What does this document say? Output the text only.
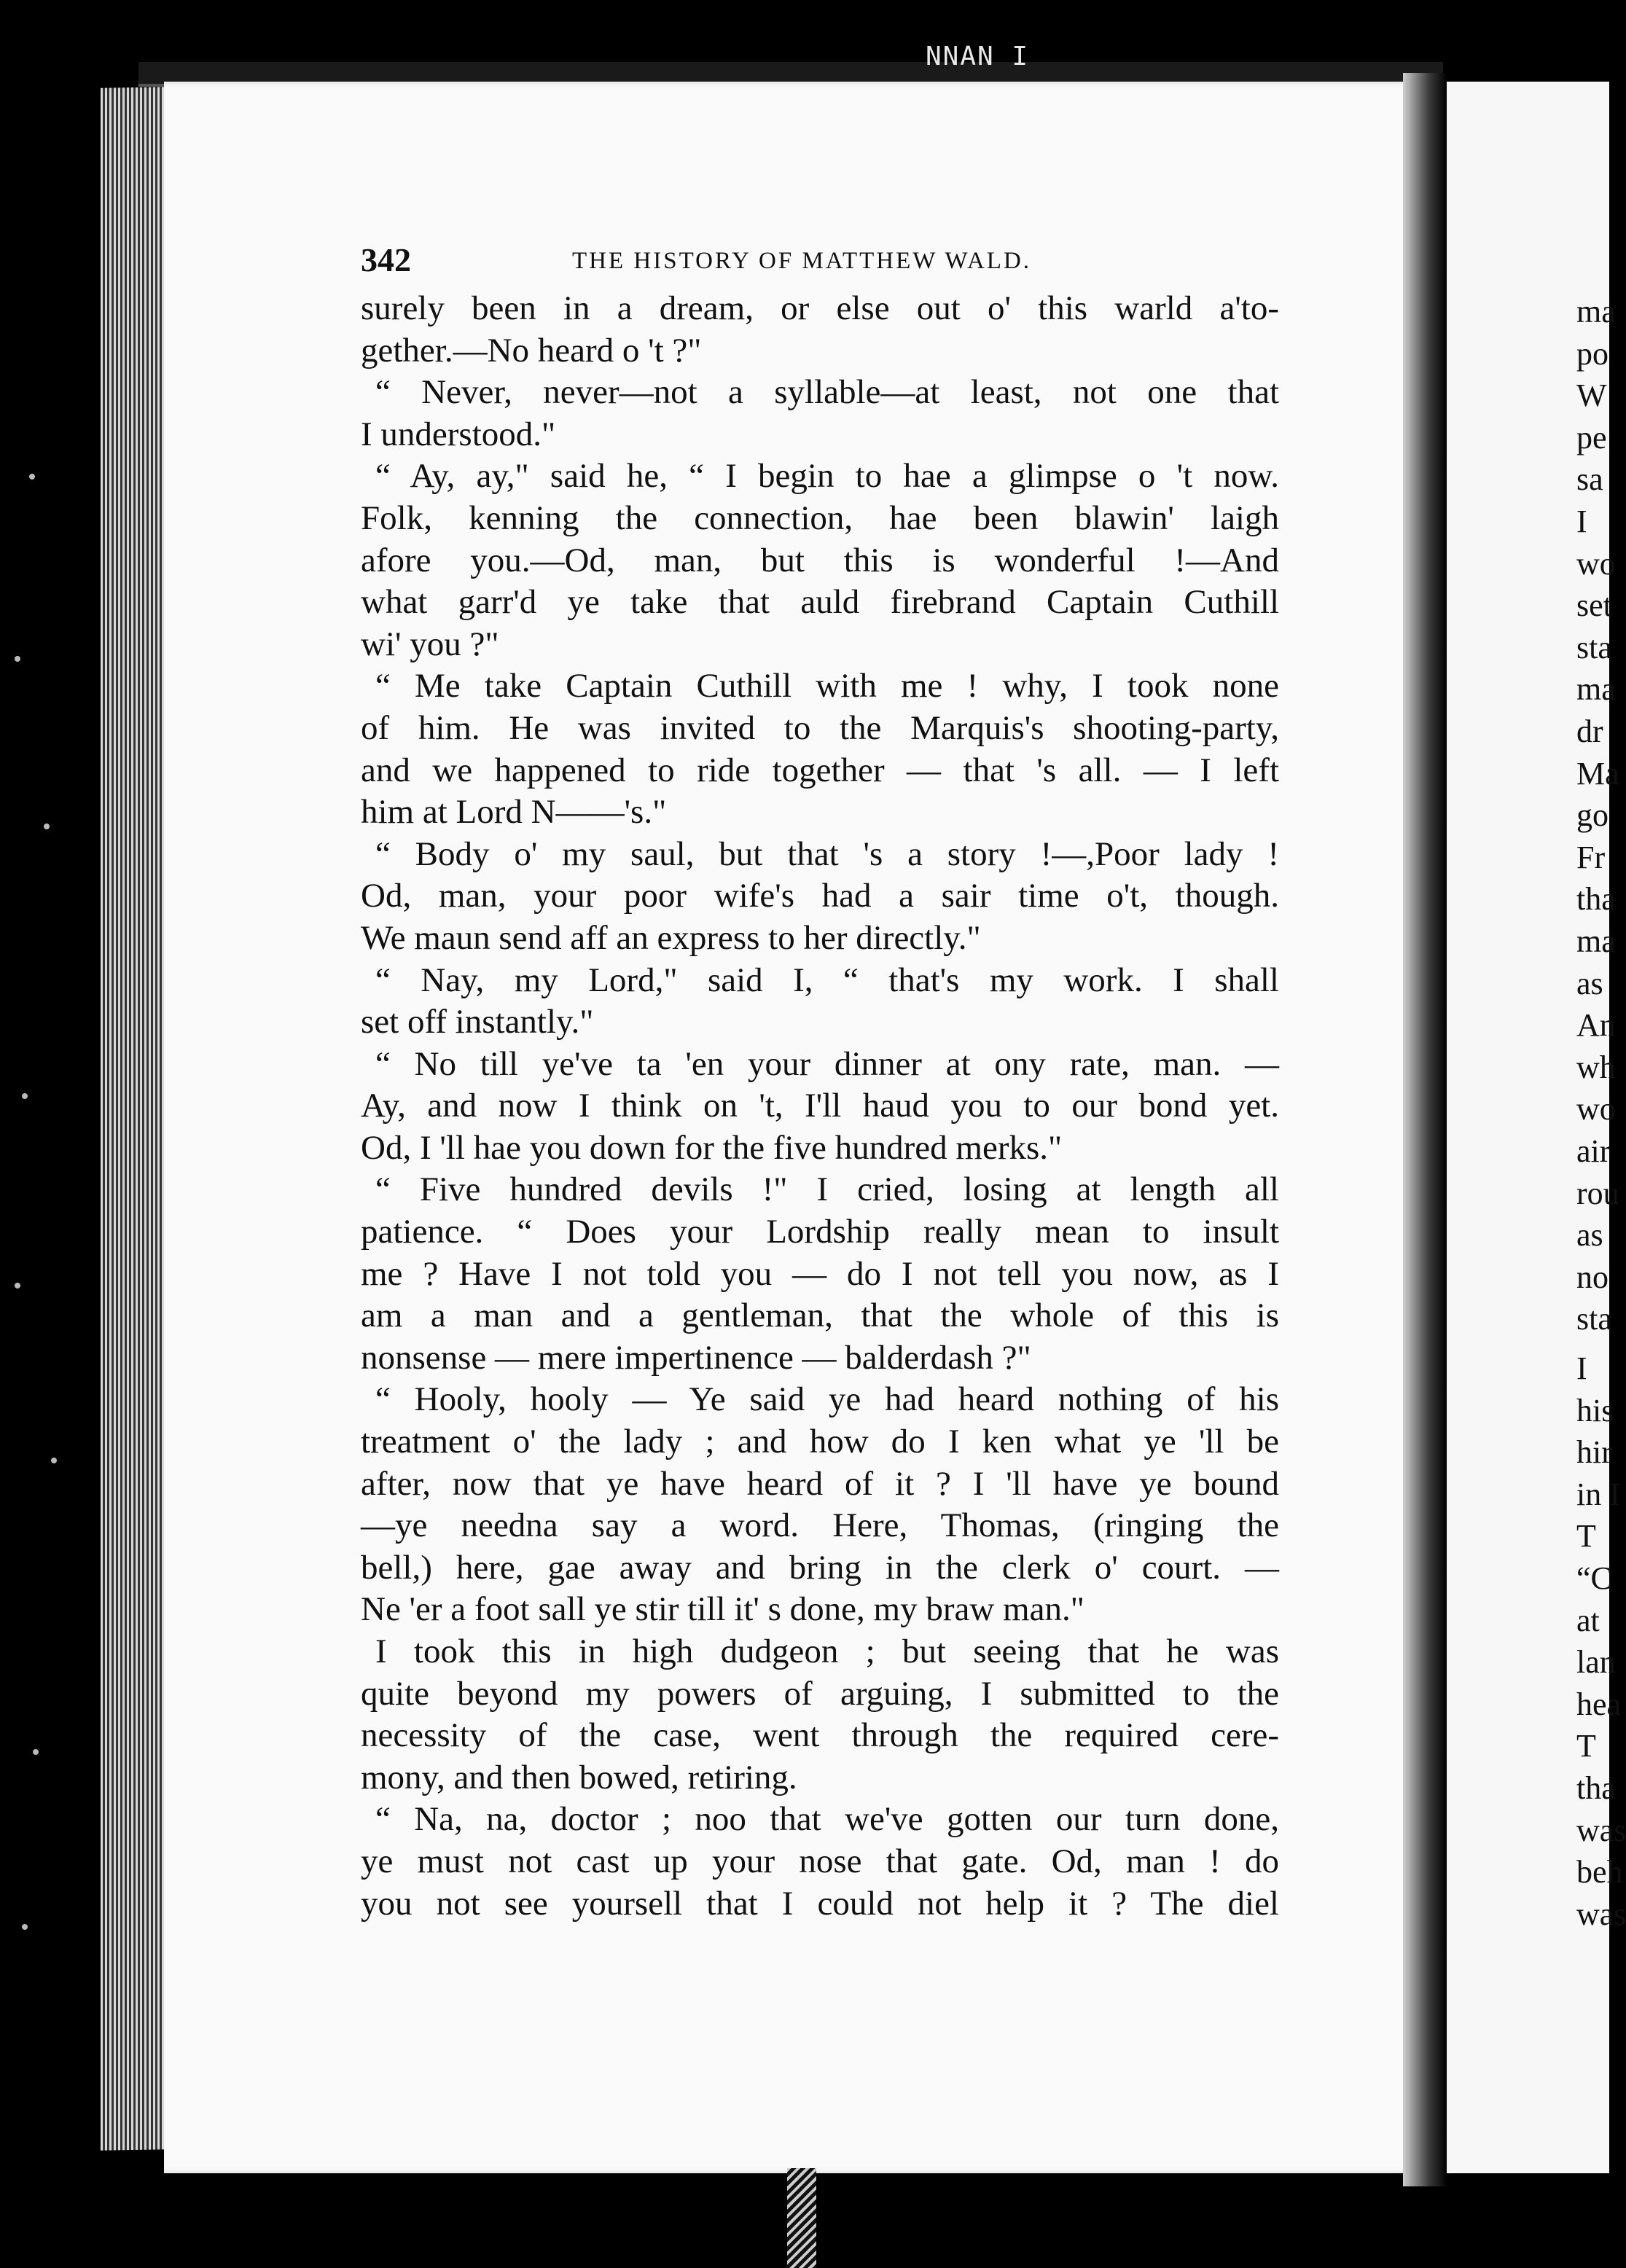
NNAN I
ma
po
W
pe
sa
I
wo
set
sta
ma
dr
Ma
go
Fr
tha
ma
as
An
wh
wo
air
rou
as
no
sta
I
his
hir
in I
T
“C
at
lan
hea
T
tha
was
beh
was
342	THE HISTORY OF MATTHEW WALD.
surely been in a dream, or else out o' this warld a'to-
gether.—No heard o 't ?"
“ Never, never—not a syllable—at least, not one that
I understood."
“ Ay, ay," said he, “ I begin to hae a glimpse o 't now.
Folk, kenning the connection, hae been blawin' laigh
afore you.—Od, man, but this is wonderful !—And
what garr'd ye take that auld firebrand Captain Cuthill
wi' you ?"
“ Me take Captain Cuthill with me ! why, I took none
of him. He was invited to the Marquis's shooting-party,
and we happened to ride together — that 's all. — I left
him at Lord N——'s."
“ Body o' my saul, but that 's a story !—,Poor lady !
Od, man, your poor wife's had a sair time o't, though.
We maun send aff an express to her directly."
“ Nay, my Lord," said I, “ that's my work. I shall
set off instantly."
“ No till ye've ta 'en your dinner at ony rate, man. —
Ay, and now I think on 't, I'll haud you to our bond yet.
Od, I 'll hae you down for the five hundred merks."
“ Five hundred devils !" I cried, losing at length all
patience. “ Does your Lordship really mean to insult
me ? Have I not told you — do I not tell you now, as I
am a man and a gentleman, that the whole of this is
nonsense — mere impertinence — balderdash ?"
“ Hooly, hooly — Ye said ye had heard nothing of his
treatment o' the lady ; and how do I ken what ye 'll be
after, now that ye have heard of it ? I 'll have ye bound
—ye needna say a word. Here, Thomas, (ringing the
bell,) here, gae away and bring in the clerk o' court. —
Ne 'er a foot sall ye stir till it' s done, my braw man."
I took this in high dudgeon ; but seeing that he was
quite beyond my powers of arguing, I submitted to the
necessity of the case, went through the required cere-
mony, and then bowed, retiring.
“ Na, na, doctor ; noo that we've gotten our turn done,
ye must not cast up your nose that gate. Od, man ! do
you not see yoursell that I could not help it ? The diel
